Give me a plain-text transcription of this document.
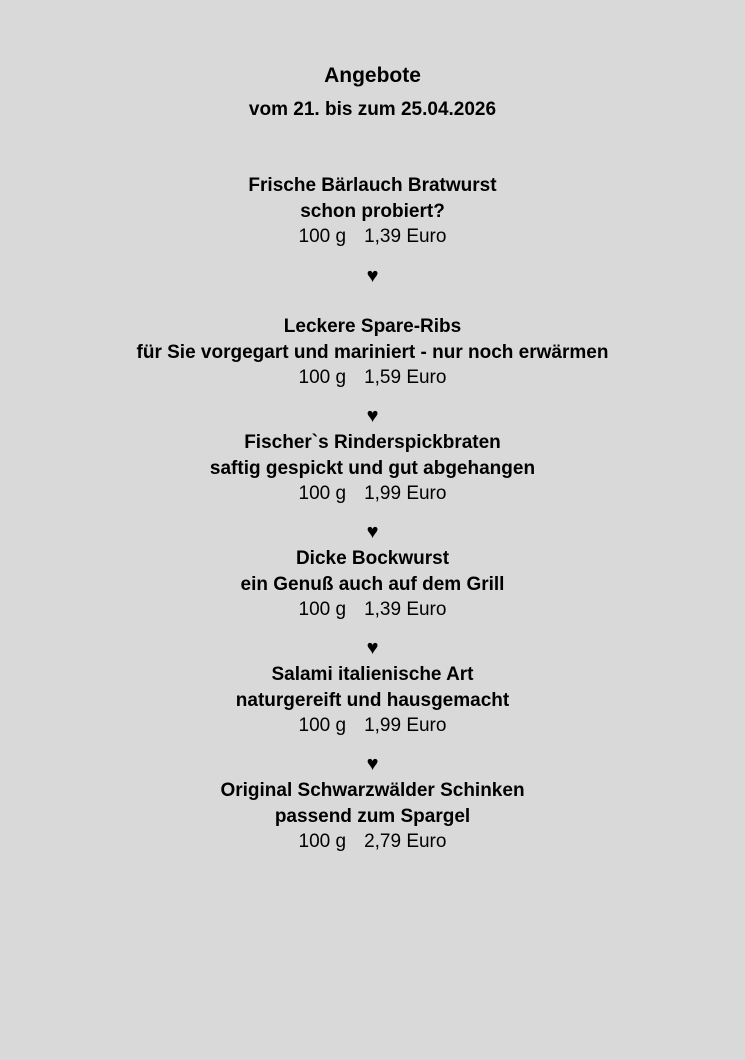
Angebote
vom 21. bis zum 25.04.2026
Frische Bärlauch Bratwurst
schon probiert?
100 g 1,39 Euro
♥
Leckere Spare-Ribs
für Sie vorgegart und mariniert - nur noch erwärmen
100 g 1,59 Euro
♥
Fischer`s Rinderspickbraten
saftig gespickt und gut abgehangen
100 g 1,99 Euro
♥
Dicke Bockwurst
ein Genuß auch auf dem Grill
100 g 1,39 Euro
♥
Salami italienische Art
naturgereift und hausgemacht
100 g 1,99 Euro
♥
Original Schwarzwälder Schinken
passend zum Spargel
100 g 2,79 Euro
